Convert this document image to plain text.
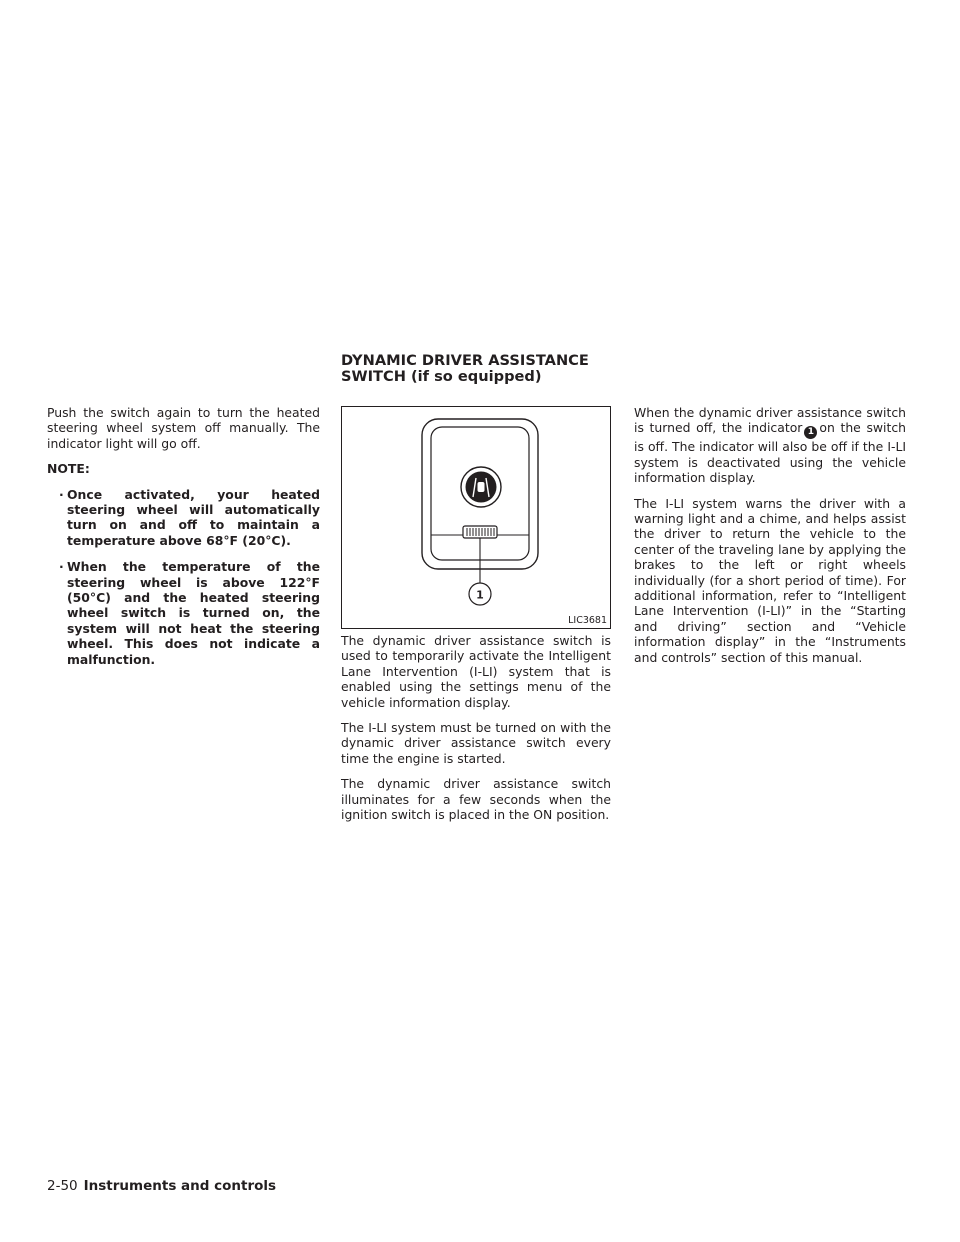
Push the switch again to turn the heated steering wheel system off manually. The indicator light will go off.

NOTE:

· Once activated, your heated steering wheel will automatically turn on and off to maintain a temperature above 68°F (20°C).
· When the temperature of the steering wheel is above 122°F (50°C) and the heated steering wheel switch is turned on, the system will not heat the steering wheel. This does not indicate a malfunction.
DYNAMIC DRIVER ASSISTANCE
SWITCH (if so equipped)
1
LIC3681

The dynamic driver assistance switch is used to temporarily activate the Intelligent Lane Intervention (I-LI) system that is enabled using the settings menu of the vehicle information display.

The I-LI system must be turned on with the dynamic driver assistance switch every time the engine is started.

The dynamic driver assistance switch illuminates for a few seconds when the ignition switch is placed in the ON position.

When the dynamic driver assistance switch is turned off, the indicator 1 on the switch is off. The indicator will also be off if the I-LI system is deactivated using the vehicle information display.

The I-LI system warns the driver with a warning light and a chime, and helps assist the driver to return the vehicle to the center of the traveling lane by applying the brakes to the left or right wheels individually (for a short period of time). For additional information, refer to “Intelligent Lane Intervention (I-LI)” in the “Starting and driving” section and “Vehicle information display” in the “Instruments and controls” section of this manual.

2-50 Instruments and controls
